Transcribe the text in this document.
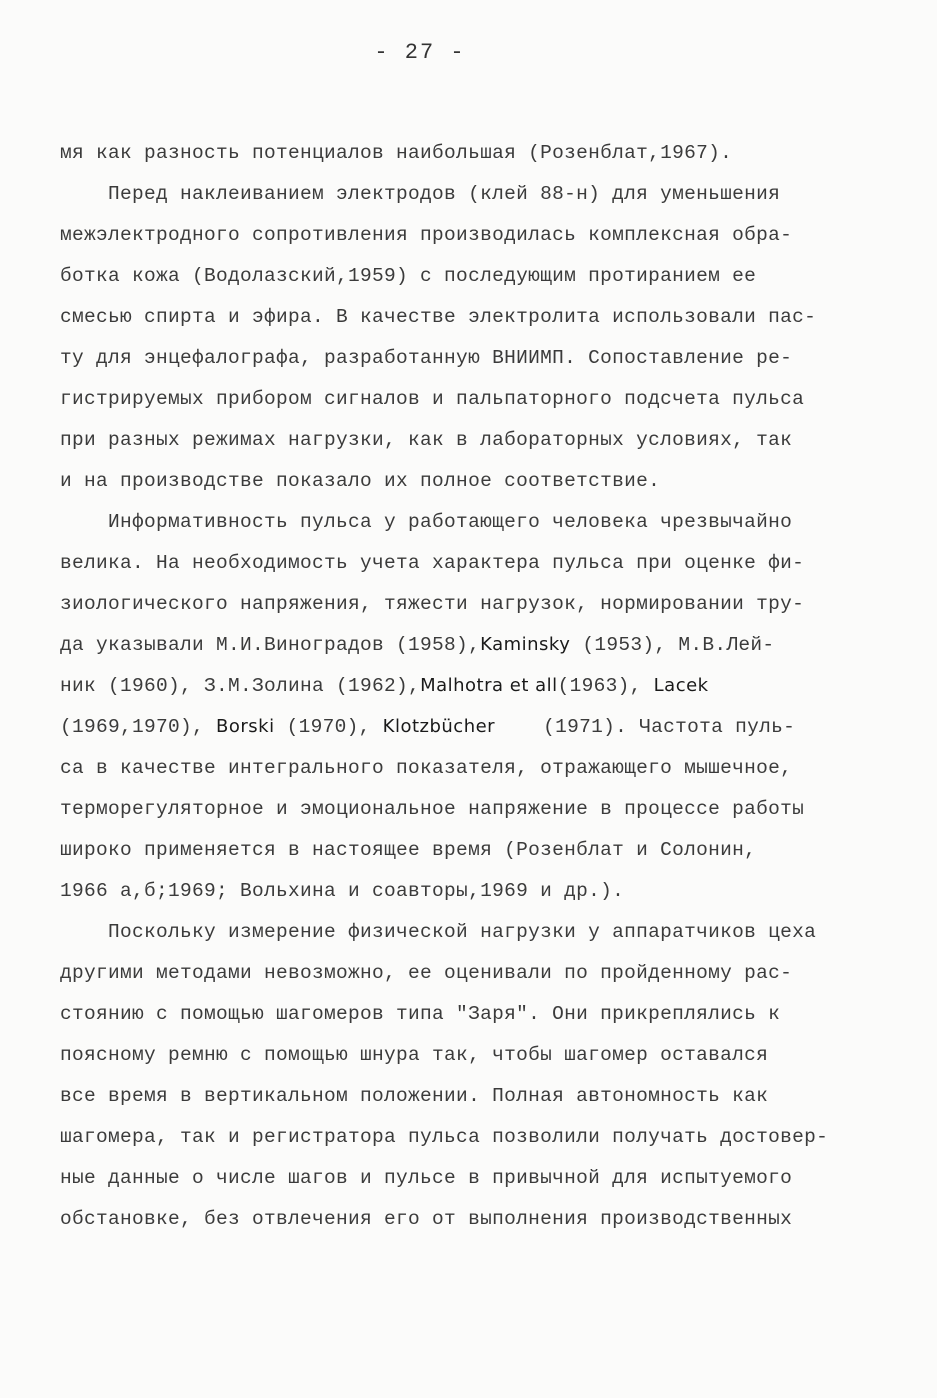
- 27 -
мя как разность потенциалов наибольшая (Розенблат,1967).
Перед наклеиванием электродов (клей 88-н) для уменьшения
межэлектродного сопротивления производилась комплексная обра-
ботка кожа (Водолазский,1959) с последующим протиранием ее
смесью спирта и эфира. В качестве электролита использовали пас-
ту для энцефалографа, разработанную ВНИИМП. Сопоставление ре-
гистрируемых прибором сигналов и пальпаторного подсчета пульса
при разных режимах нагрузки, как в лабораторных условиях, так
и на производстве показало их полное соответствие.
Информативность пульса у работающего человека чрезвычайно
велика. На необходимость учета характера пульса при оценке фи-
зиологического напряжения, тяжести нагрузок, нормировании тру-
да указывали М.И.Виноградов (1958),Kaminsky (1953), М.В.Лей-
ник (1960), З.М.Золина (1962),Malhotra et all(1963), Lacek
(1969,1970), Borski (1970), Klotzbücher    (1971). Частота пуль-
са в качестве интегрального показателя, отражающего мышечное,
терморегуляторное и эмоциональное напряжение в процессе работы
широко применяется в настоящее время (Розенблат и Солонин,
1966 а,б;1969; Вольхина и соавторы,1969 и др.).
Поскольку измерение физической нагрузки у аппаратчиков цеха
другими методами невозможно, ее оценивали по пройденному рас-
стоянию с помощью шагомеров типа "Заря". Они прикреплялись к
поясному ремню с помощью шнура так, чтобы шагомер оставался
все время в вертикальном положении. Полная автономность как
шагомера, так и регистратора пульса позволили получать достовер-
ные данные о числе шагов и пульсе в привычной для испытуемого
обстановке, без отвлечения его от выполнения производственных
